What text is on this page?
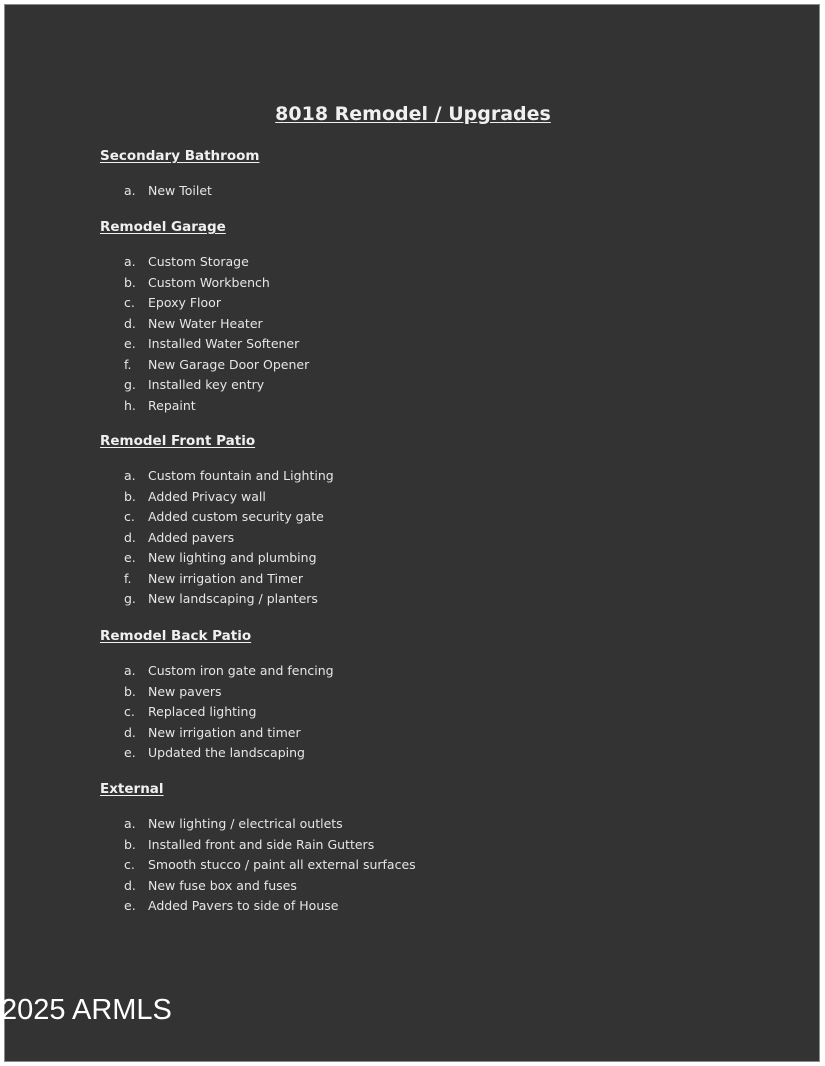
8018 Remodel / Upgrades
Secondary Bathroom
a. New Toilet
Remodel Garage
a. Custom Storage
b. Custom Workbench
c. Epoxy Floor
d. New Water Heater
e. Installed Water Softener
f. New Garage Door Opener
g. Installed key entry
h. Repaint
Remodel Front Patio
a. Custom fountain and Lighting
b. Added Privacy wall
c. Added custom security gate
d. Added pavers
e. New lighting and plumbing
f. New irrigation and Timer
g. New landscaping / planters
Remodel Back Patio
a. Custom iron gate and fencing
b. New pavers
c. Replaced lighting
d. New irrigation and timer
e. Updated the landscaping
External
a. New lighting / electrical outlets
b. Installed front and side Rain Gutters
c. Smooth stucco / paint all external surfaces
d. New fuse box and fuses
e. Added Pavers to side of House
2025 ARMLS
